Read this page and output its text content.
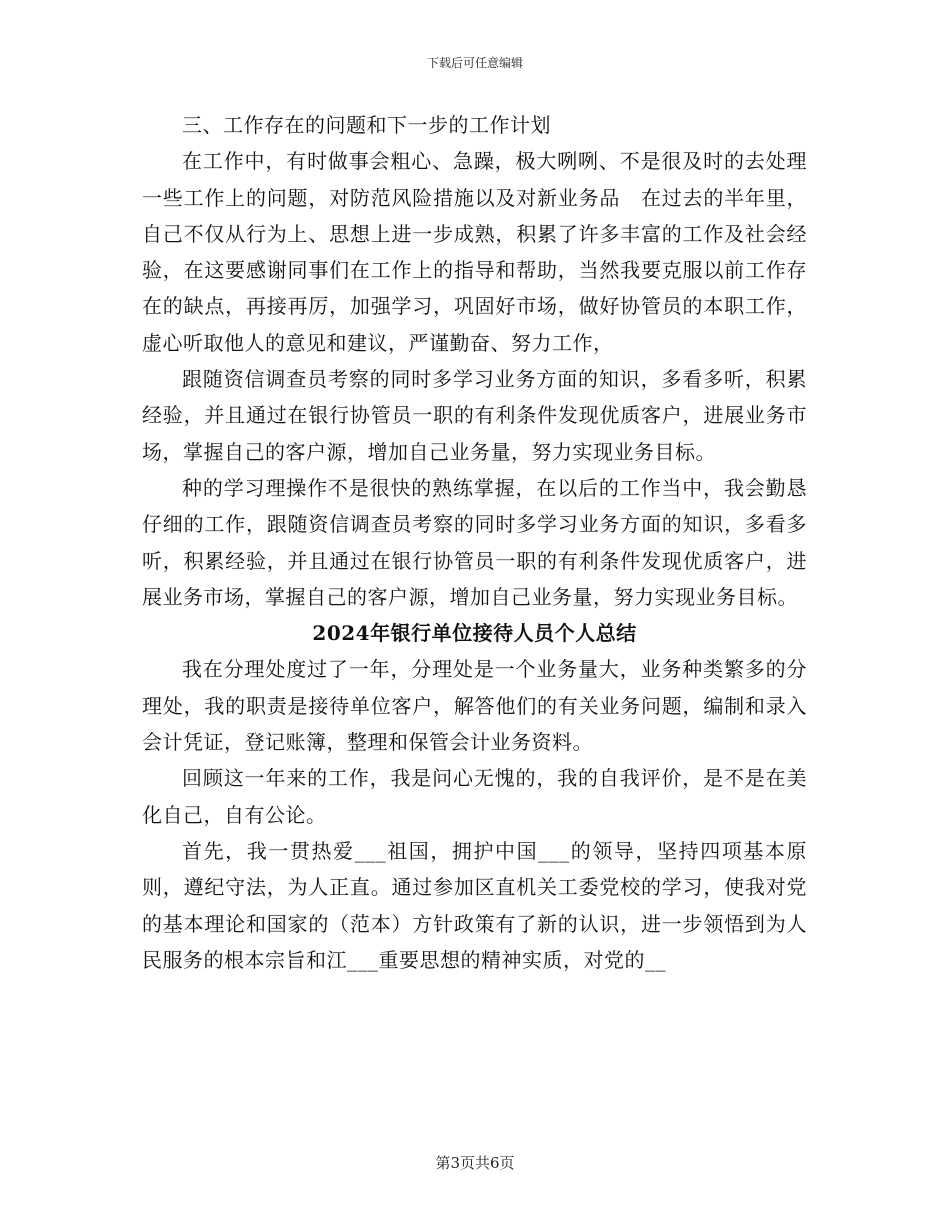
下载后可任意编辑

三、工作存在的问题和下一步的工作计划

在工作中，有时做事会粗心、急躁，极大咧咧、不是很及时的去处理一些工作上的问题，对防范风险措施以及对新业务品　在过去的半年里，自己不仅从行为上、思想上进一步成熟，积累了许多丰富的工作及社会经验，在这要感谢同事们在工作上的指导和帮助，当然我要克服以前工作存在的缺点，再接再厉，加强学习，巩固好市场，做好协管员的本职工作，虚心听取他人的意见和建议，严谨勤奋、努力工作，

跟随资信调查员考察的同时多学习业务方面的知识，多看多听，积累经验，并且通过在银行协管员一职的有利条件发现优质客户，进展业务市场，掌握自己的客户源，增加自己业务量，努力实现业务目标。

种的学习理操作不是很快的熟练掌握，在以后的工作当中，我会勤恳仔细的工作，跟随资信调查员考察的同时多学习业务方面的知识，多看多听，积累经验，并且通过在银行协管员一职的有利条件发现优质客户，进展业务市场，掌握自己的客户源，增加自己业务量，努力实现业务目标。

2024年银行单位接待人员个人总结

我在分理处度过了一年，分理处是一个业务量大，业务种类繁多的分理处，我的职责是接待单位客户，解答他们的有关业务问题，编制和录入会计凭证，登记账簿，整理和保管会计业务资料。

回顾这一年来的工作，我是问心无愧的，我的自我评价，是不是在美化自己，自有公论。

首先，我一贯热爱___祖国，拥护中国___的领导，坚持四项基本原则，遵纪守法，为人正直。通过参加区直机关工委党校的学习，使我对党的基本理论和国家的（范本）方针政策有了新的认识，进一步领悟到为人民服务的根本宗旨和江___重要思想的精神实质，对党的__

第3页共6页
